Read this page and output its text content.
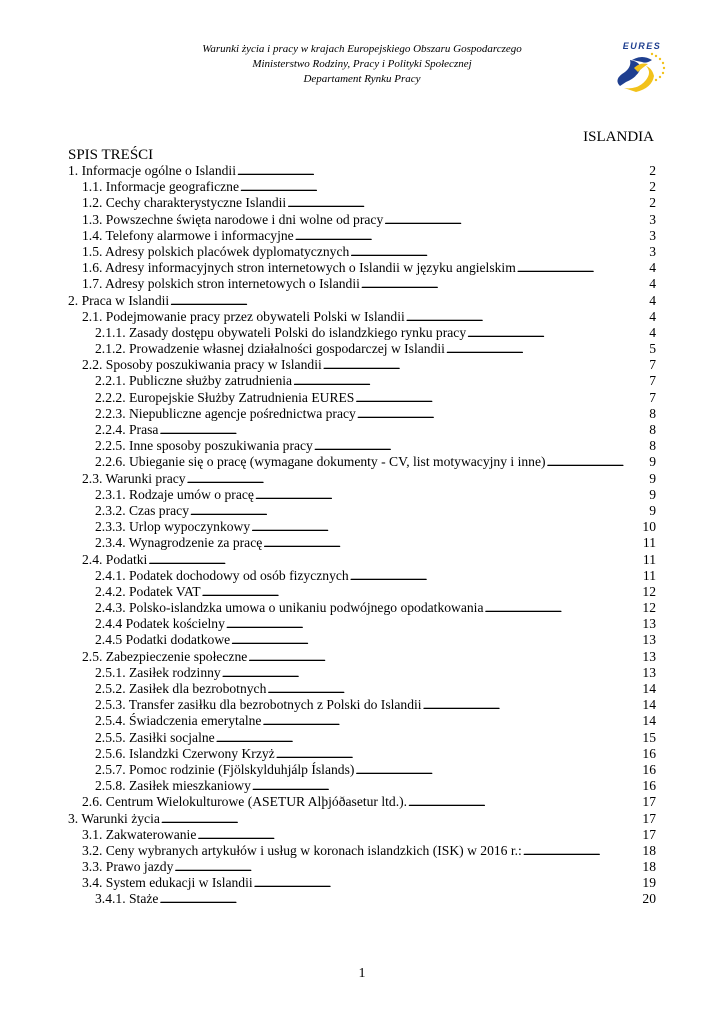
Warunki życia i pracy w krajach Europejskiego Obszaru Gospodarczego
Ministerstwo Rodziny, Pracy i Polityki Społecznej
Departament Rynku Pracy
EURES
ISLANDIA
SPIS TREŚCI
1. Informacje ogólne o Islandii . . .	2
1.1. Informacje geograficzne . . .	2
1.2. Cechy charakterystyczne Islandii . . .	2
1.3. Powszechne święta narodowe i dni wolne od pracy . . .	3
1.4. Telefony alarmowe i informacyjne . . .	3
1.5. Adresy polskich placówek dyplomatycznych . . .	3
1.6. Adresy informacyjnych stron internetowych o Islandii w języku angielskim . . .	4
1.7. Adresy polskich stron internetowych o Islandii . . .	4
2. Praca w Islandii . . .	4
2.1. Podejmowanie pracy przez obywateli Polski w Islandii . . .	4
2.1.1. Zasady dostępu obywateli Polski do islandzkiego rynku pracy . . .	4
2.1.2. Prowadzenie własnej działalności gospodarczej w Islandii . . .	5
2.2. Sposoby poszukiwania pracy w Islandii . . .	7
2.2.1. Publiczne służby zatrudnienia . . .	7
2.2.2. Europejskie Służby Zatrudnienia EURES . . .	7
2.2.3. Niepubliczne agencje pośrednictwa pracy . . .	8
2.2.4. Prasa . . .	8
2.2.5. Inne sposoby poszukiwania pracy . . .	8
2.2.6. Ubieganie się o pracę (wymagane dokumenty - CV, list motywacyjny i inne) . . .	9
2.3. Warunki pracy . . .	9
2.3.1. Rodzaje umów o pracę . . .	9
2.3.2. Czas pracy . . .	9
2.3.3. Urlop wypoczynkowy . . .	10
2.3.4. Wynagrodzenie za pracę . . .	11
2.4. Podatki . . .	11
2.4.1. Podatek dochodowy od osób fizycznych . . .	11
2.4.2. Podatek VAT . . .	12
2.4.3. Polsko-islandzka umowa o unikaniu podwójnego opodatkowania . . .	12
2.4.4 Podatek kościelny . . .	13
2.4.5 Podatki dodatkowe . . .	13
2.5. Zabezpieczenie społeczne . . .	13
2.5.1. Zasiłek rodzinny . . .	13
2.5.2. Zasiłek dla bezrobotnych . . .	14
2.5.3. Transfer zasiłku dla bezrobotnych z Polski do Islandii . . .	14
2.5.4. Świadczenia emerytalne . . .	14
2.5.5. Zasiłki socjalne . . .	15
2.5.6. Islandzki Czerwony Krzyż . . .	16
2.5.7. Pomoc rodzinie (Fjölskylduhjálp Íslands) . . .	16
2.5.8. Zasiłek mieszkaniowy . . .	16
2.6. Centrum Wielokulturowe (ASETUR Alþjóðasetur ltd.). . . .	17
3. Warunki życia . . .	17
3.1. Zakwaterowanie . . .	17
3.2. Ceny wybranych artykułów i usług w koronach islandzkich (ISK) w 2016 r.: . . .	18
3.3. Prawo jazdy . . .	18
3.4. System edukacji w Islandii . . .	19
3.4.1. Staże . . .	20
1
